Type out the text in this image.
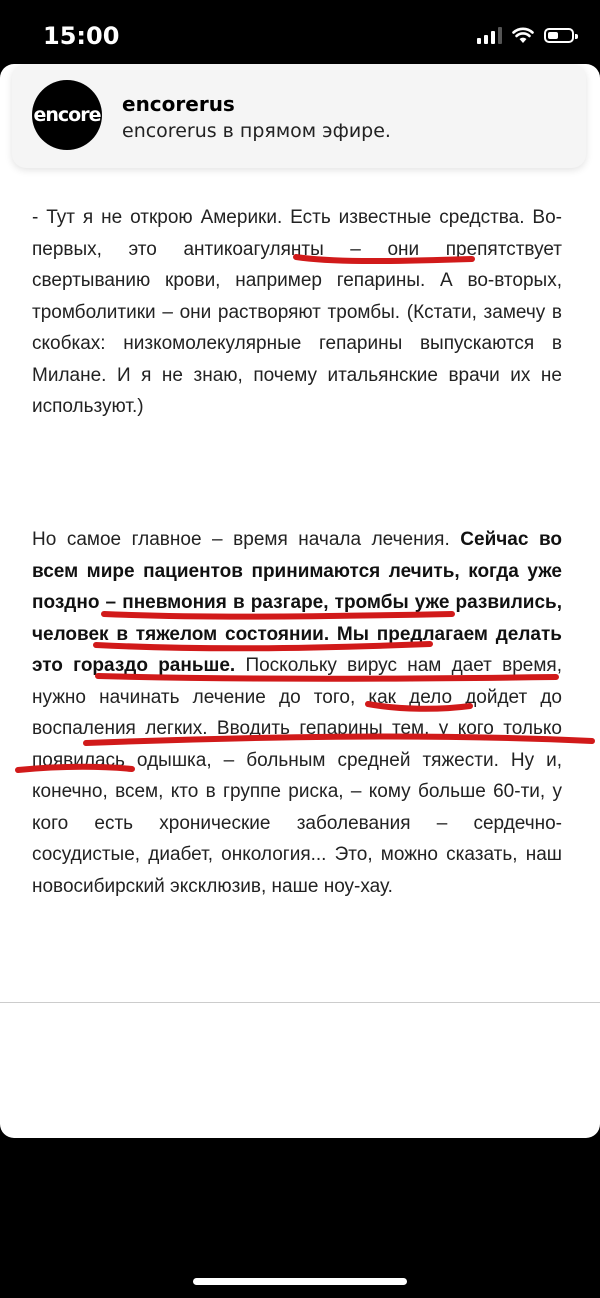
15:00
encore encorerus
encorerus в прямом эфире.

- Тут я не открою Америки. Есть известные средства. Во-первых, это антикоагулянты – они препятствует свертыванию крови, например гепарины. А во-вторых, тромболитики – они растворяют тромбы. (Кстати, замечу в скобках: низкомолекулярные гепарины выпускаются в Милане. И я не знаю, почему итальянские врачи их не используют.)

Но самое главное – время начала лечения. Сейчас во всем мире пациентов принимаются лечить, когда уже поздно – пневмония в разгаре, тромбы уже развились, человек в тяжелом состоянии. Мы предлагаем делать это гораздо раньше. Поскольку вирус нам дает время, нужно начинать лечение до того, как дело дойдет до воспаления легких. Вводить гепарины тем, у кого только появилась одышка, – больным средней тяжести. Ну и, конечно, всем, кто в группе риска, – кому больше 60-ти, у кого есть хронические заболевания – сердечно-сосудистые, диабет, онкология... Это, можно сказать, наш новосибирский эксклюзив, наше ноу-хау.
